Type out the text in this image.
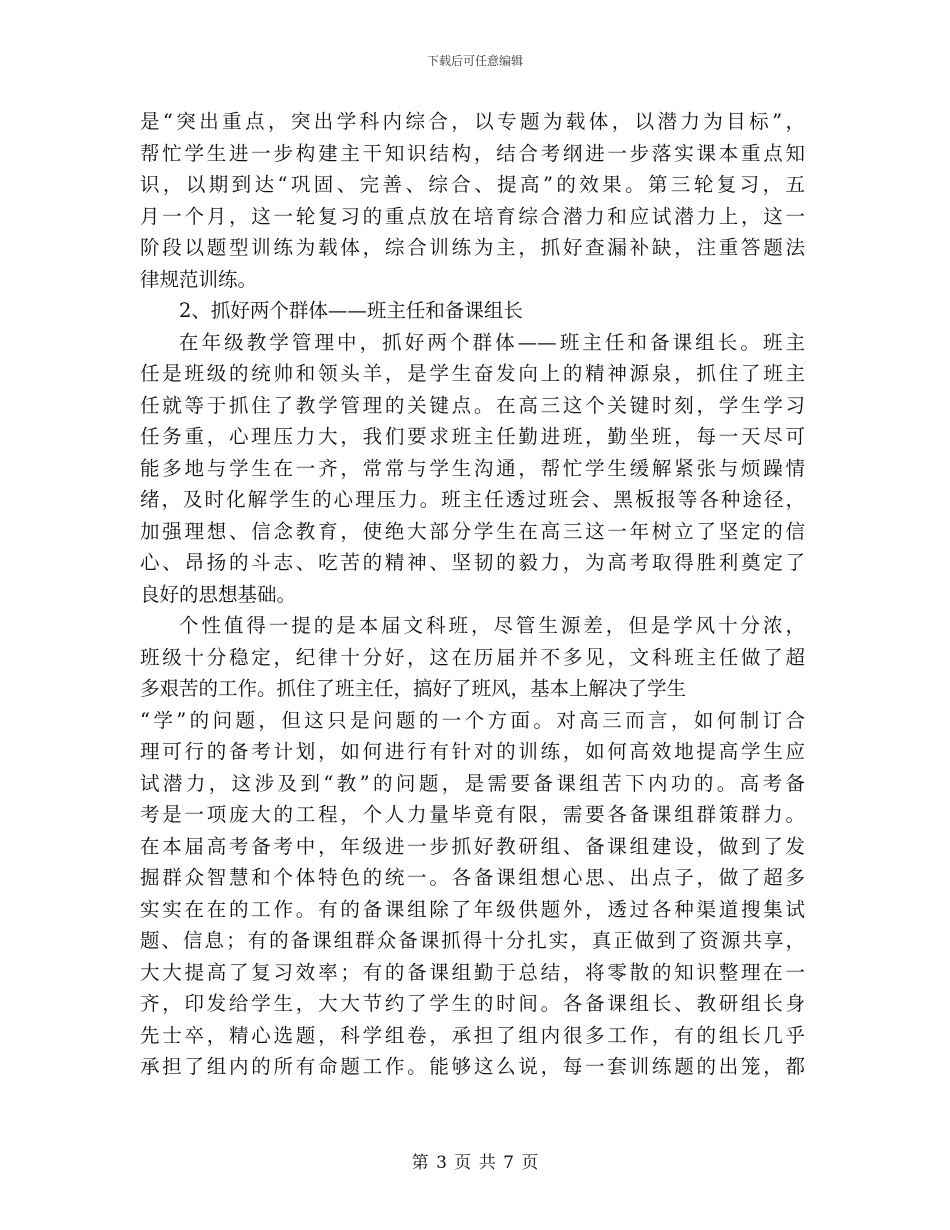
下载后可任意编辑
是“突出重点，突出学科内综合，以专题为载体，以潜力为目标”，
帮忙学生进一步构建主干知识结构，结合考纲进一步落实课本重点知
识，以期到达“巩固、完善、综合、提高”的效果。第三轮复习，五
月一个月，这一轮复习的重点放在培育综合潜力和应试潜力上，这一
阶段以题型训练为载体，综合训练为主，抓好查漏补缺，注重答题法
律规范训练。
2、抓好两个群体——班主任和备课组长
在年级教学管理中，抓好两个群体——班主任和备课组长。班主
任是班级的统帅和领头羊，是学生奋发向上的精神源泉，抓住了班主
任就等于抓住了教学管理的关键点。在高三这个关键时刻，学生学习
任务重，心理压力大，我们要求班主任勤进班，勤坐班，每一天尽可
能多地与学生在一齐，常常与学生沟通，帮忙学生缓解紧张与烦躁情
绪，及时化解学生的心理压力。班主任透过班会、黑板报等各种途径，
加强理想、信念教育，使绝大部分学生在高三这一年树立了坚定的信
心、昂扬的斗志、吃苦的精神、坚韧的毅力，为高考取得胜利奠定了
良好的思想基础。
个性值得一提的是本届文科班，尽管生源差，但是学风十分浓，
班级十分稳定，纪律十分好，这在历届并不多见，文科班主任做了超
多艰苦的工作。抓住了班主任，搞好了班风，基本上解决了学生
“学”的问题，但这只是问题的一个方面。对高三而言，如何制订合
理可行的备考计划，如何进行有针对的训练，如何高效地提高学生应
试潜力，这涉及到“教”的问题，是需要备课组苦下内功的。高考备
考是一项庞大的工程，个人力量毕竟有限，需要各备课组群策群力。
在本届高考备考中，年级进一步抓好教研组、备课组建设，做到了发
掘群众智慧和个体特色的统一。各备课组想心思、出点子，做了超多
实实在在的工作。有的备课组除了年级供题外，透过各种渠道搜集试
题、信息；有的备课组群众备课抓得十分扎实，真正做到了资源共享，
大大提高了复习效率；有的备课组勤于总结，将零散的知识整理在一
齐，印发给学生，大大节约了学生的时间。各备课组长、教研组长身
先士卒，精心选题，科学组卷，承担了组内很多工作，有的组长几乎
承担了组内的所有命题工作。能够这么说，每一套训练题的出笼，都
第 3 页 共 7 页
